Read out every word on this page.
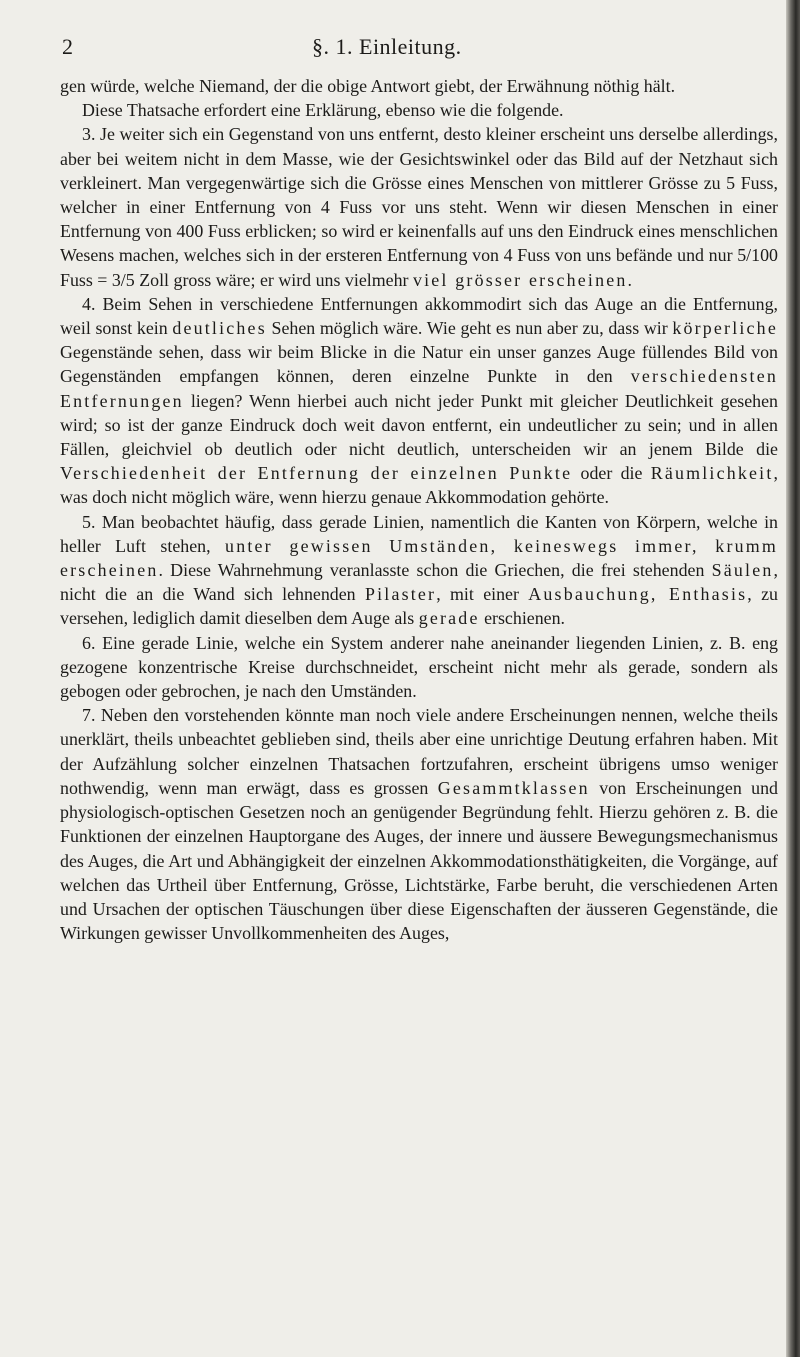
2	§. 1. Einleitung.

gen würde, welche Niemand, der die obige Antwort giebt, der Erwähnung nöthig hält.

Diese Thatsache erfordert eine Erklärung, ebenso wie die folgende.

3. Je weiter sich ein Gegenstand von uns entfernt, desto kleiner erscheint uns derselbe allerdings, aber bei weitem nicht in dem Masse, wie der Gesichtswinkel oder das Bild auf der Netzhaut sich verkleinert. Man vergegenwärtige sich die Grösse eines Menschen von mittlerer Grösse zu 5 Fuss, welcher in einer Entfernung von 4 Fuss vor uns steht. Wenn wir diesen Menschen in einer Entfernung von 400 Fuss erblicken; so wird er keinenfalls auf uns den Eindruck eines menschlichen Wesens machen, welches sich in der ersteren Entfernung von 4 Fuss von uns befände und nur 5/100 Fuss = 3/5 Zoll gross wäre; er wird uns vielmehr viel grösser erscheinen.

4. Beim Sehen in verschiedene Entfernungen akkommodirt sich das Auge an die Entfernung, weil sonst kein deutliches Sehen möglich wäre. Wie geht es nun aber zu, dass wir körperliche Gegenstände sehen, dass wir beim Blicke in die Natur ein unser ganzes Auge füllendes Bild von Gegenständen empfangen können, deren einzelne Punkte in den verschiedensten Entfernungen liegen? Wenn hierbei auch nicht jeder Punkt mit gleicher Deutlichkeit gesehen wird; so ist der ganze Eindruck doch weit davon entfernt, ein undeutlicher zu sein; und in allen Fällen, gleichviel ob deutlich oder nicht deutlich, unterscheiden wir an jenem Bilde die Verschiedenheit der Entfernung der einzelnen Punkte oder die Räumlichkeit, was doch nicht möglich wäre, wenn hierzu genaue Akkommodation gehörte.

5. Man beobachtet häufig, dass gerade Linien, namentlich die Kanten von Körpern, welche in heller Luft stehen, unter gewissen Umständen, keineswegs immer, krumm erscheinen. Diese Wahrnehmung veranlasste schon die Griechen, die frei stehenden Säulen, nicht die an die Wand sich lehnenden Pilaster, mit einer Ausbauchung, Enthasis, zu versehen, lediglich damit dieselben dem Auge als gerade erschienen.

6. Eine gerade Linie, welche ein System anderer nahe aneinander liegenden Linien, z. B. eng gezogene konzentrische Kreise durchschneidet, erscheint nicht mehr als gerade, sondern als gebogen oder gebrochen, je nach den Umständen.

7. Neben den vorstehenden könnte man noch viele andere Erscheinungen nennen, welche theils unerklärt, theils unbeachtet geblieben sind, theils aber eine unrichtige Deutung erfahren haben. Mit der Aufzählung solcher einzelnen Thatsachen fortzufahren, erscheint übrigens umso weniger nothwendig, wenn man erwägt, dass es grossen Gesammtklassen von Erscheinungen und physiologisch-optischen Gesetzen noch an genügender Begründung fehlt. Hierzu gehören z. B. die Funktionen der einzelnen Hauptorgane des Auges, der innere und äussere Bewegungsmechanismus des Auges, die Art und Abhängigkeit der einzelnen Akkommodationsthätigkeiten, die Vorgänge, auf welchen das Urtheil über Entfernung, Grösse, Lichtstärke, Farbe beruht, die verschiedenen Arten und Ursachen der optischen Täuschungen über diese Eigenschaften der äusseren Gegenstände, die Wirkungen gewisser Unvollkommenheiten des Auges,
